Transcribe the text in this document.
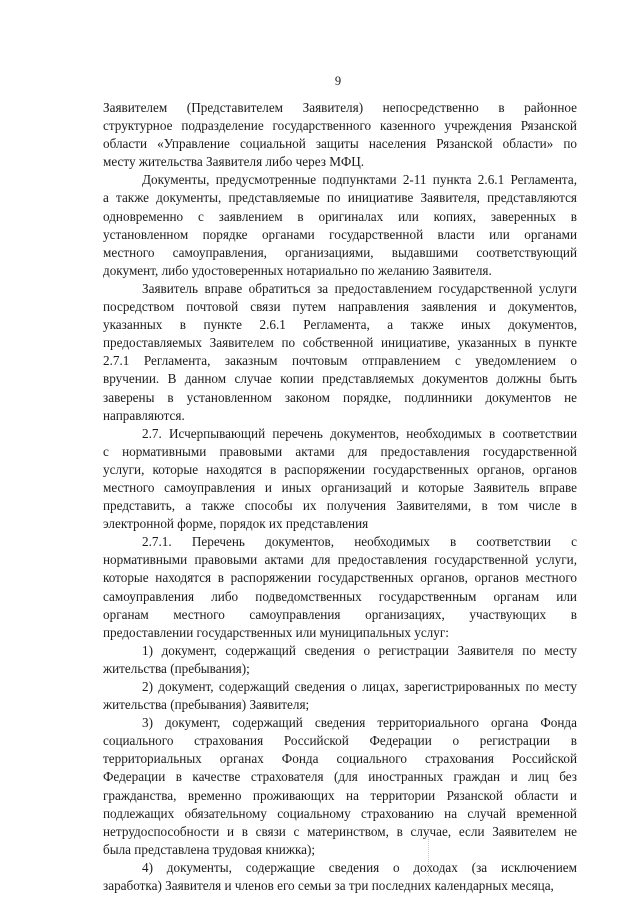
9
Заявителем (Представителем Заявителя) непосредственно в районное
структурное подразделение государственного казенного учреждения Рязанской
области «Управление социальной защиты населения Рязанской области» по
месту жительства Заявителя либо через МФЦ.
Документы, предусмотренные подпунктами 2-11 пункта 2.6.1 Регламента,
а также документы, представляемые по инициативе Заявителя, представляются
одновременно с заявлением в оригиналах или копиях, заверенных в
установленном порядке органами государственной власти или органами
местного самоуправления, организациями, выдавшими соответствующий
документ, либо удостоверенных нотариально по желанию Заявителя.
Заявитель вправе обратиться за предоставлением государственной услуги
посредством почтовой связи путем направления заявления и документов,
указанных в пункте 2.6.1 Регламента, а также иных документов,
предоставляемых Заявителем по собственной инициативе, указанных в пункте
2.7.1 Регламента, заказным почтовым отправлением с уведомлением о
вручении. В данном случае копии представляемых документов должны быть
заверены в установленном законом порядке, подлинники документов не
направляются.
2.7. Исчерпывающий перечень документов, необходимых в соответствии
с нормативными правовыми актами для предоставления государственной
услуги, которые находятся в распоряжении государственных органов, органов
местного самоуправления и иных организаций и которые Заявитель вправе
представить, а также способы их получения Заявителями, в том числе в
электронной форме, порядок их представления
2.7.1. Перечень документов, необходимых в соответствии с
нормативными правовыми актами для предоставления государственной услуги,
которые находятся в распоряжении государственных органов, органов местного
самоуправления либо подведомственных государственным органам или
органам местного самоуправления организациях, участвующих в
предоставлении государственных или муниципальных услуг:
1) документ, содержащий сведения о регистрации Заявителя по месту
жительства (пребывания);
2) документ, содержащий сведения о лицах, зарегистрированных по месту
жительства (пребывания) Заявителя;
3) документ, содержащий сведения территориального органа Фонда
социального страхования Российской Федерации о регистрации в
территориальных органах Фонда социального страхования Российской
Федерации в качестве страхователя (для иностранных граждан и лиц без
гражданства, временно проживающих на территории Рязанской области и
подлежащих обязательному социальному страхованию на случай временной
нетрудоспособности и в связи с материнством, в случае, если Заявителем не
была представлена трудовая книжка);
4) документы, содержащие сведения о доходах (за исключением
заработка) Заявителя и членов его семьи за три последних календарных месяца,
